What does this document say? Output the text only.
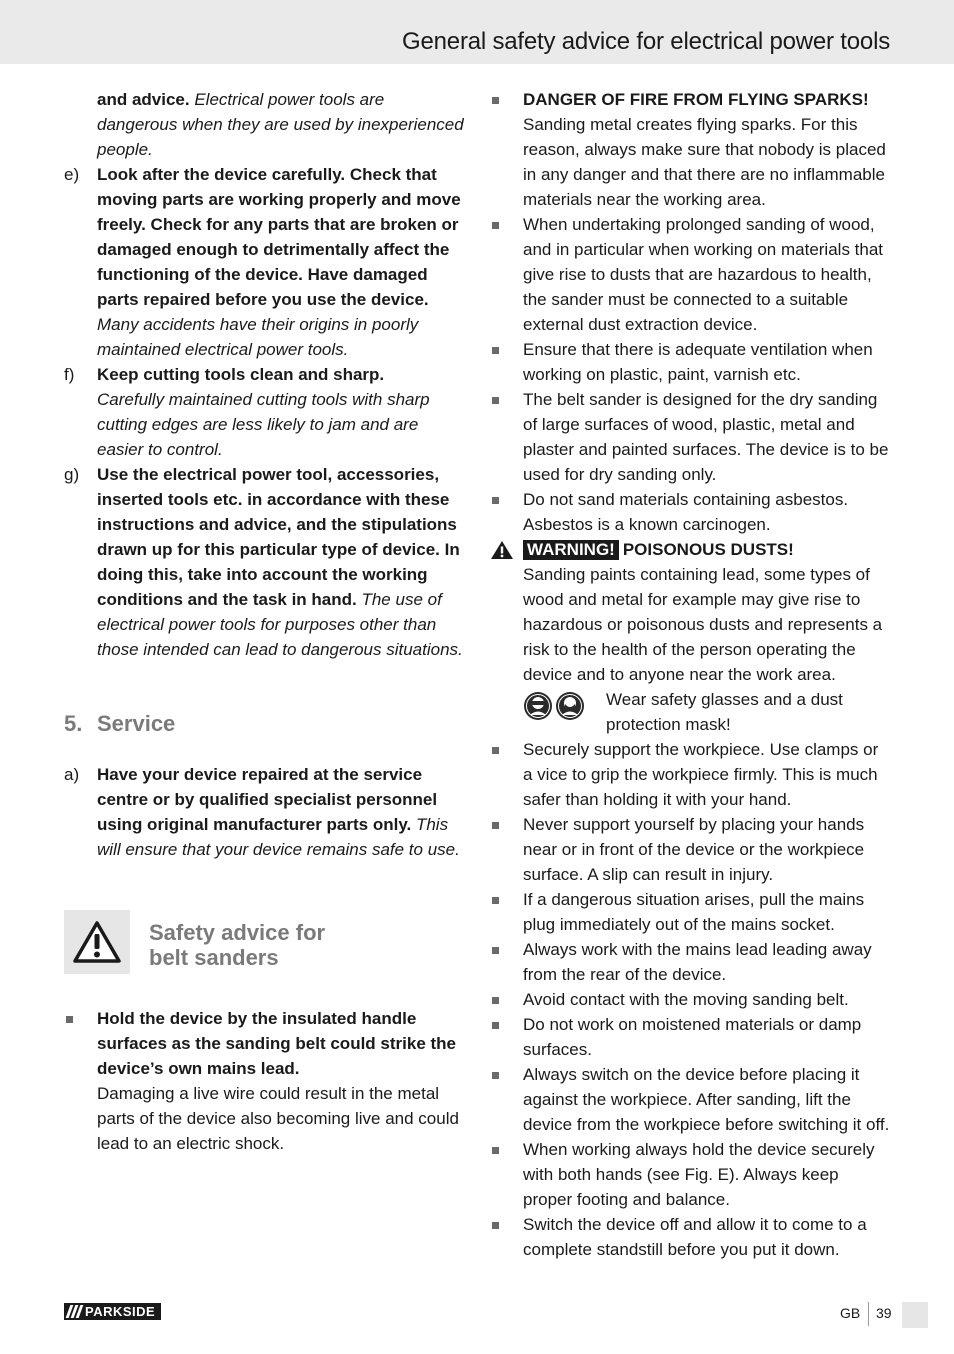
General safety advice for electrical power tools
and advice. Electrical power tools are dangerous when they are used by inexperienced people.
e) Look after the device carefully. Check that moving parts are working properly and move freely. Check for any parts that are broken or damaged enough to detrimentally affect the functioning of the device. Have damaged parts repaired before you use the device. Many accidents have their origins in poorly maintained electrical power tools.
f) Keep cutting tools clean and sharp.
Carefully maintained cutting tools with sharp cutting edges are less likely to jam and are easier to control.
g) Use the electrical power tool, accessories, inserted tools etc. in accordance with these instructions and advice, and the stipulations drawn up for this particular type of device. In doing this, take into account the working conditions and the task in hand. The use of electrical power tools for purposes other than those intended can lead to dangerous situations.
5. Service
a) Have your device repaired at the service centre or by qualified specialist personnel using original manufacturer parts only. This will ensure that your device remains safe to use.
Safety advice for
belt sanders
Hold the device by the insulated handle surfaces as the sanding belt could strike the device’s own mains lead.
Damaging a live wire could result in the metal parts of the device also becoming live and could lead to an electric shock.
DANGER OF FIRE FROM FLYING SPARKS!
Sanding metal creates flying sparks. For this reason, always make sure that nobody is placed in any danger and that there are no inflammable materials near the working area.
When undertaking prolonged sanding of wood, and in particular when working on materials that give rise to dusts that are hazardous to health, the sander must be connected to a suitable external dust extraction device.
Ensure that there is adequate ventilation when working on plastic, paint, varnish etc.
The belt sander is designed for the dry sanding of large surfaces of wood, plastic, metal and plaster and painted surfaces. The device is to be used for dry sanding only.
Do not sand materials containing asbestos. Asbestos is a known carcinogen.
WARNING! POISONOUS DUSTS!
Sanding paints containing lead, some types of wood and metal for example may give rise to hazardous or poisonous dusts and represents a risk to the health of the person operating the device and to anyone near the work area.
Wear safety glasses and a dust protection mask!
Securely support the workpiece. Use clamps or a vice to grip the workpiece firmly. This is much safer than holding it with your hand.
Never support yourself by placing your hands near or in front of the device or the workpiece surface. A slip can result in injury.
If a dangerous situation arises, pull the mains plug immediately out of the mains socket.
Always work with the mains lead leading away from the rear of the device.
Avoid contact with the moving sanding belt.
Do not work on moistened materials or damp surfaces.
Always switch on the device before placing it against the workpiece. After sanding, lift the device from the workpiece before switching it off.
When working always hold the device securely with both hands (see Fig. E). Always keep proper footing and balance.
Switch the device off and allow it to come to a complete standstill before you put it down.
PARKSIDE	GB 39
